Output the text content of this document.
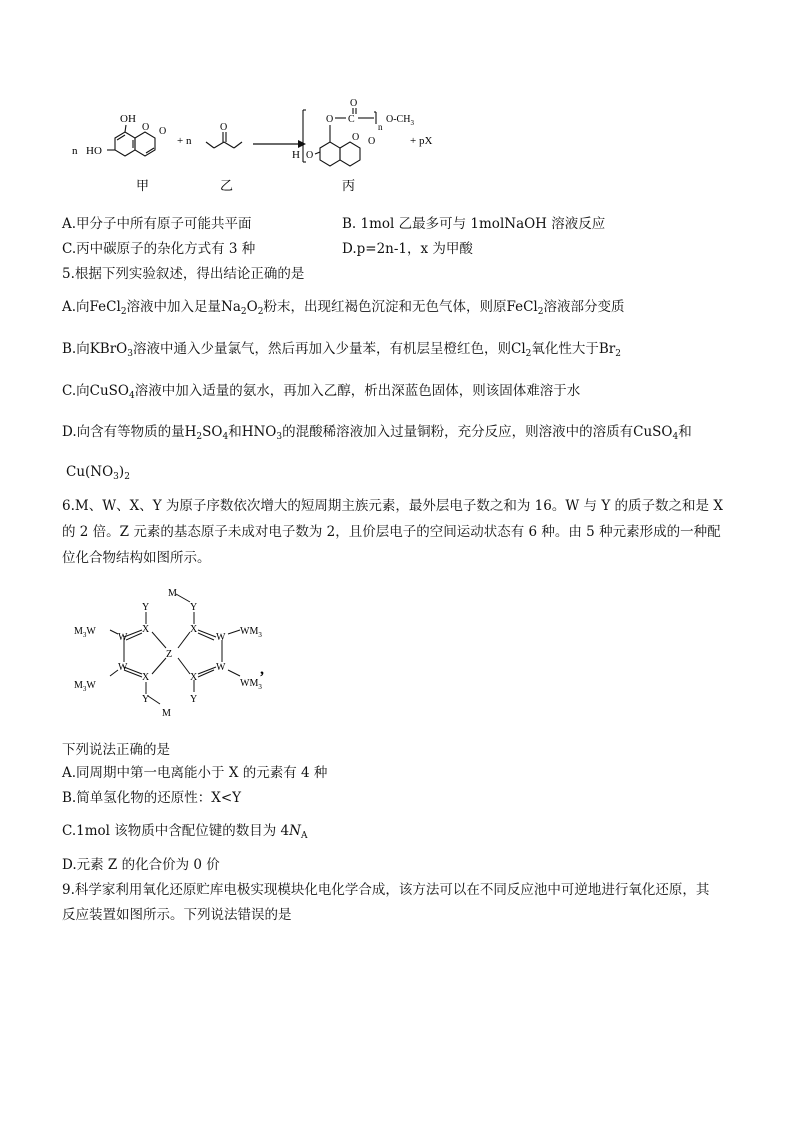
n
OH
HO
O O
+ n
O
O
O C
n
$O-CH_3$
H O
O O	+ pX
甲	乙	丙
A.甲分子中所有原子可能共平面	B. 1mol 乙最多可与 1molNaOH 溶液反应
C.丙中碳原子的杂化方式有 3 种	D.p=2n-1，x 为甲酸
5.根据下列实验叙述，得出结论正确的是
A.向FeCl$_2$溶液中加入足量$Na_2O_2$粉末，出现红褐色沉淀和无色气体，则原FeCl$_2$溶液部分变质
B.向KBrO$_3$溶液中通入少量氯气，然后再加入少量苯，有机层呈橙红色，则$Cl_2$氧化性大于$Br_2$
C.向CuSO$_4$溶液中加入适量的氨水，再加入乙醇，析出深蓝色固体，则该固体难溶于水
D.向含有等物质的量$H_2SO_4$和$HNO_3$的混酸稀溶液加入过量铜粉，充分反应，则溶液中的溶质有CuSO$_4$和
$Cu(NO_3)_2$
6.M、W、X、Y 为原子序数依次增大的短周期主族元素，最外层电子数之和为 16。W 与 Y 的质子数之和是 X
的 2 倍。Z 元素的基态原子未成对电子数为 2，且价层电子的空间运动状态有 6 种。由 5 种元素形成的一种配
位化合物结构如图所示。
Y
X
W
$M_3W$
W
$M_3W$
X
Y
M
Z
M
Y
X
W
$WM_3$
W
$WM_3$
,
X
Y
下列说法正确的是
A.同周期中第一电离能小于 X 的元素有 4 种
B.简单氢化物的还原性：X<Y
C.1mol 该物质中含配位键的数目为 $4N_A$
D.元素 Z 的化合价为 0 价
9.科学家利用氧化还原贮库电极实现模块化电化学合成，该方法可以在不同反应池中可逆地进行氧化还原，其
反应装置如图所示。下列说法错误的是
